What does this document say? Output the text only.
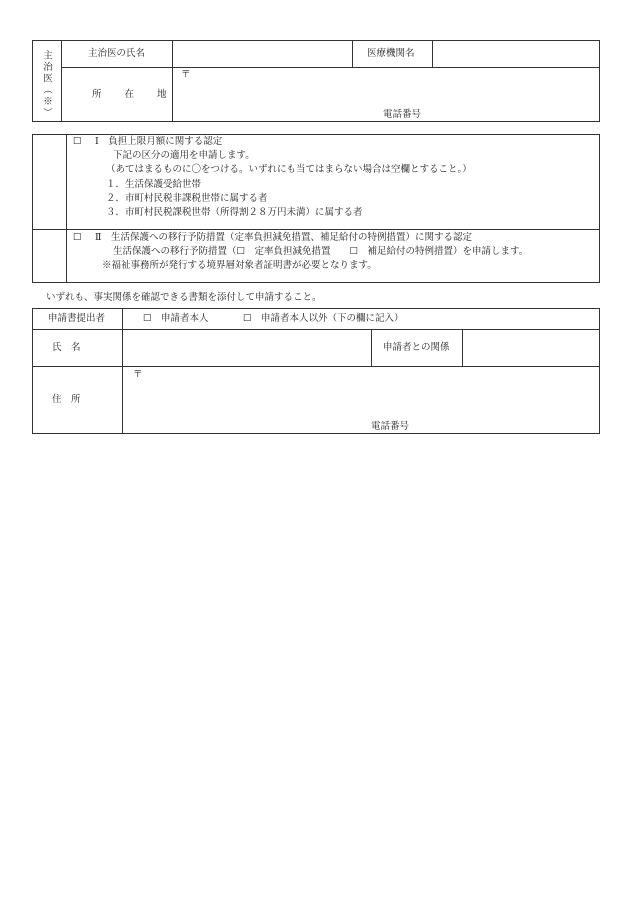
主治医（※）	主治医の氏名	医療機関名
所 在 地
〒
電話番号
☐ Ⅰ　負担上限月額に関する認定
下記の区分の適用を申請します。
（あてはまるものに〇をつける。いずれにも当てはまらない場合は空欄とすること。）
１．生活保護受給世帯
２．市町村民税非課税世帯に属する者
３．市町村民税課税世帯（所得割２８万円未満）に属する者
☐ Ⅱ　生活保護への移行予防措置（定率負担減免措置、補足給付の特例措置）に関する認定
生活保護への移行予防措置（☐　定率負担減免措置　　☐　補足給付の特例措置）を申請します。
※福祉事務所が発行する境界層対象者証明書が必要となります。
いずれも、事実関係を確認できる書類を添付して申請すること。
申請書提出者	☐　申請者本人	☐　申請者本人以外（下の欄に記入）
氏　名	申請者との関係
住　所
〒
電話番号
